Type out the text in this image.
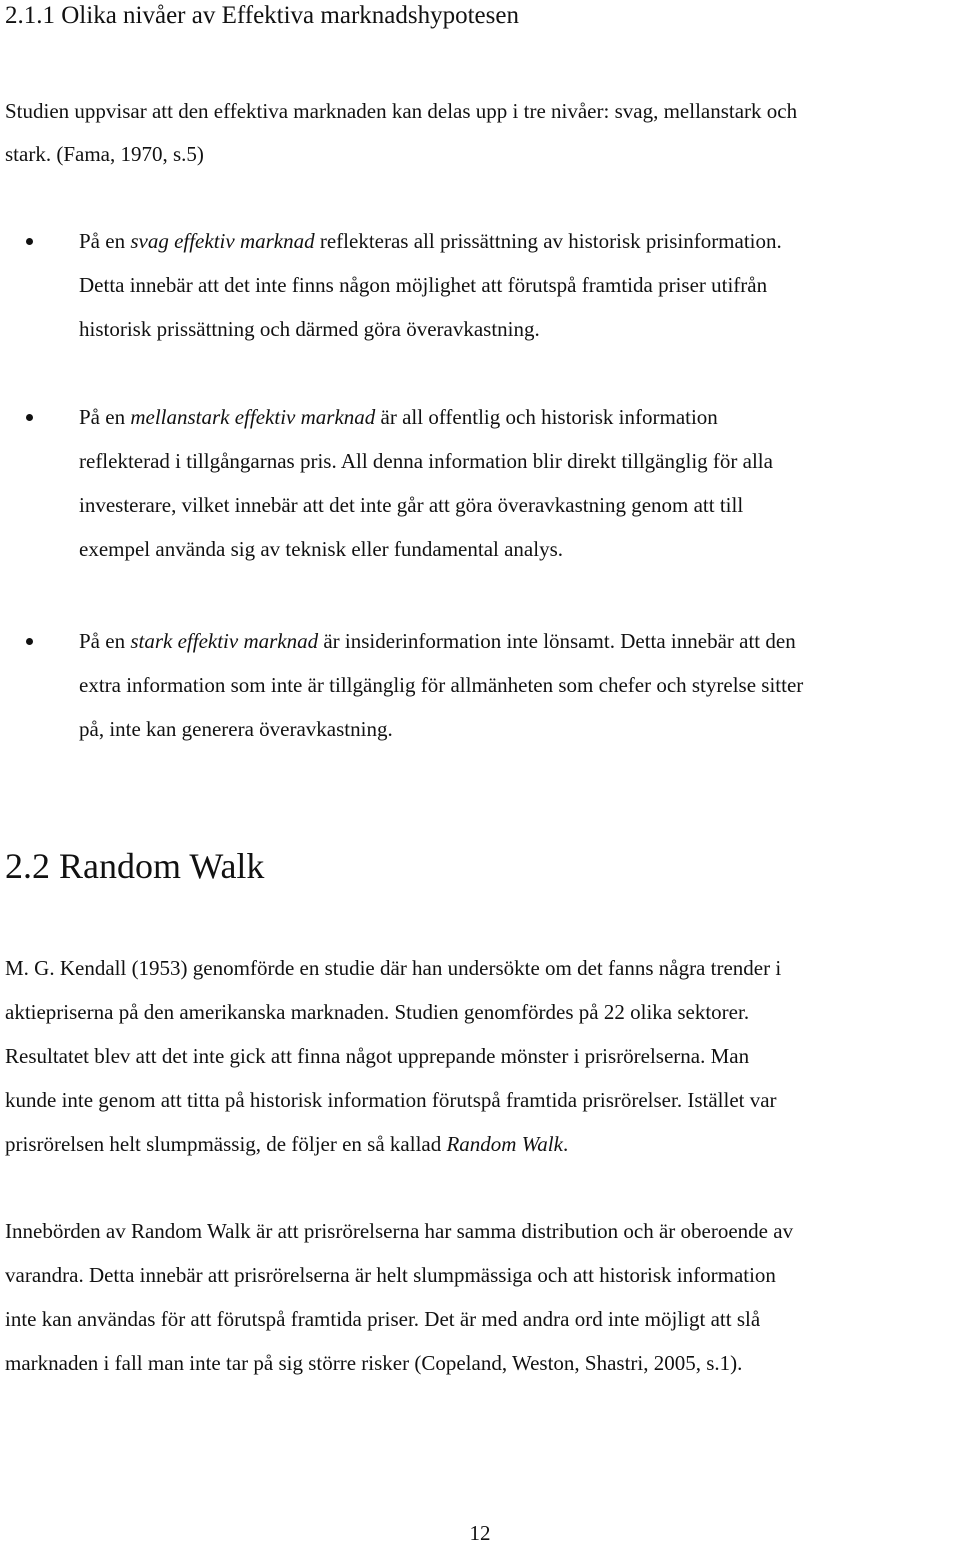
2.1.1 Olika nivåer av Effektiva marknadshypotesen
Studien uppvisar att den effektiva marknaden kan delas upp i tre nivåer: svag, mellanstark och
stark. (Fama, 1970, s.5)
På en svag effektiv marknad reflekteras all prissättning av historisk prisinformation.
Detta innebär att det inte finns någon möjlighet att förutspå framtida priser utifrån
historisk prissättning och därmed göra överavkastning.
På en mellanstark effektiv marknad är all offentlig och historisk information
reflekterad i tillgångarnas pris. All denna information blir direkt tillgänglig för alla
investerare, vilket innebär att det inte går att göra överavkastning genom att till
exempel använda sig av teknisk eller fundamental analys.
På en stark effektiv marknad är insiderinformation inte lönsamt. Detta innebär att den
extra information som inte är tillgänglig för allmänheten som chefer och styrelse sitter
på, inte kan generera överavkastning.
2.2 Random Walk
M. G. Kendall (1953) genomförde en studie där han undersökte om det fanns några trender i
aktiepriserna på den amerikanska marknaden. Studien genomfördes på 22 olika sektorer.
Resultatet blev att det inte gick att finna något upprepande mönster i prisrörelserna. Man
kunde inte genom att titta på historisk information förutspå framtida prisrörelser. Istället var
prisrörelsen helt slumpmässig, de följer en så kallad Random Walk.
Innebörden av Random Walk är att prisrörelserna har samma distribution och är oberoende av
varandra. Detta innebär att prisrörelserna är helt slumpmässiga och att historisk information
inte kan användas för att förutspå framtida priser. Det är med andra ord inte möjligt att slå
marknaden i fall man inte tar på sig större risker (Copeland, Weston, Shastri, 2005, s.1).
12
